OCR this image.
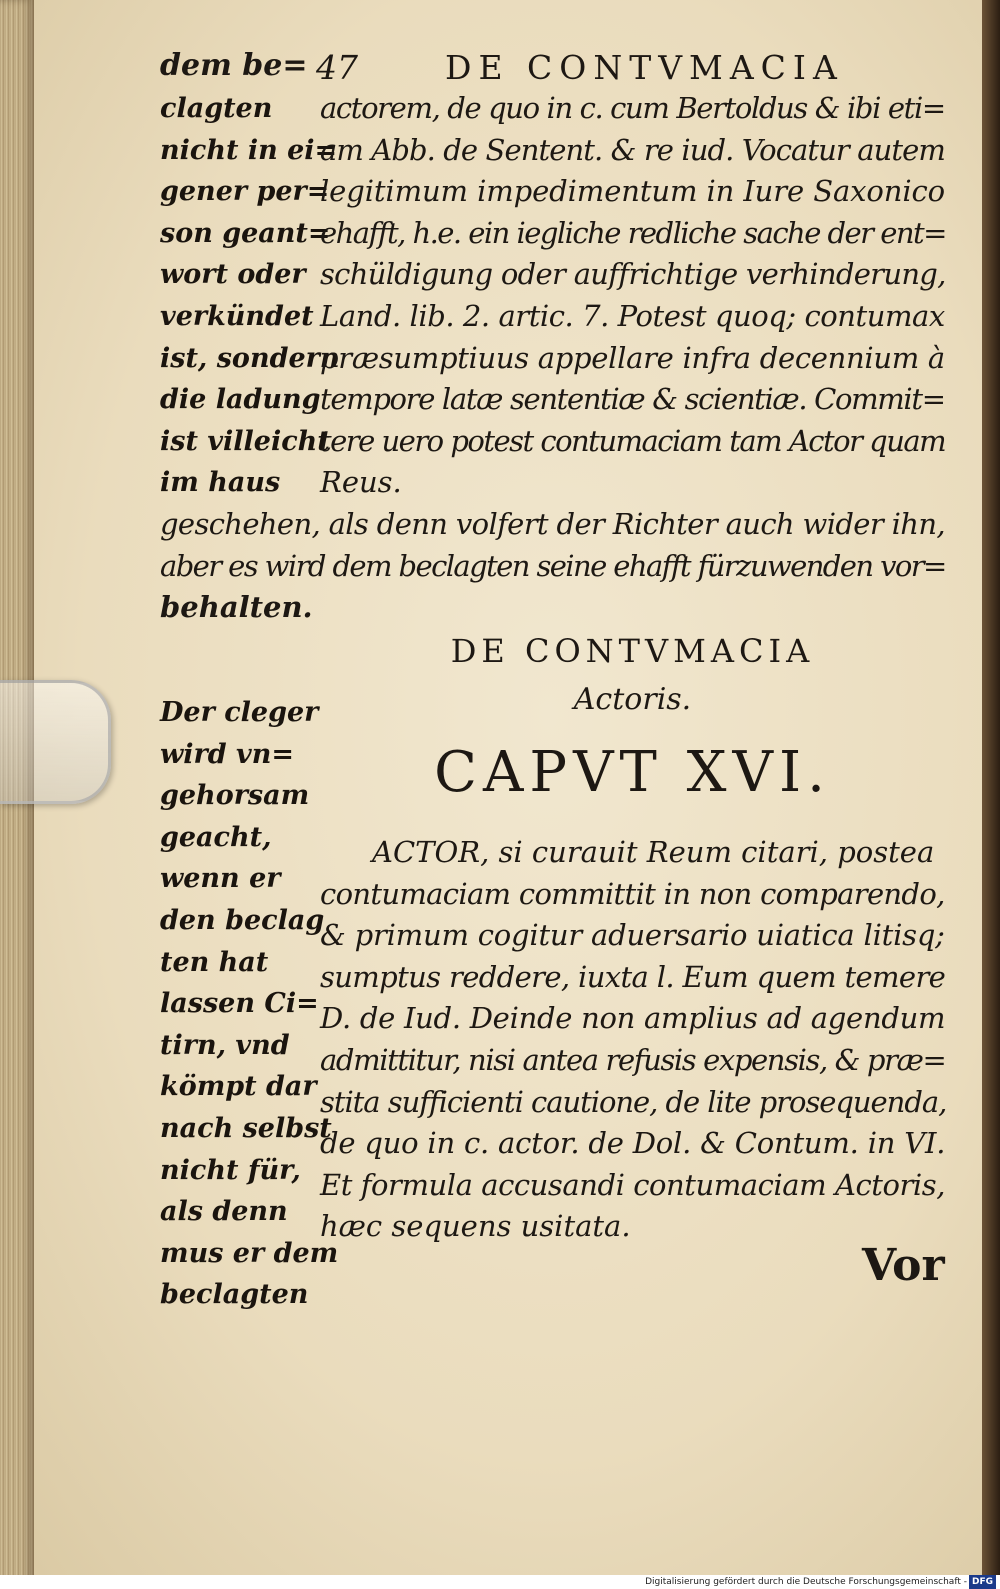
dem be= 47	DE CONTVMACIA
clagten
nicht in ei=
gener per=
son geant=
wort oder
verkündet
ist, sondern
die ladung
ist villeicht
im haus
actorem, de quo in c. cum Bertoldus & ibi eti=
am Abb. de Sentent. & re iud. Vocatur autem
legitimum impedimentum in Iure Saxonico
ehafft, h.e. ein iegliche redliche sache der ent=
schüldigung oder auffrichtige verhinderung,
Land. lib. 2. artic. 7. Potest quoq; contumax
præsumptiuus appellare infra decennium à
tempore latæ sententiæ & scientiæ. Commit=
tere uero potest contumaciam tam Actor quam
Reus.
geschehen, als denn volfert der Richter auch wider ihn,
aber es wird dem beclagten seine ehafft fürzuwenden vor=
behalten.
DE CONTVMACIA
Actoris.
CAPVT XVI.
Der cleger
wird vn=
gehorsam
geacht,
wenn er
den beclag
ten hat
lassen Ci=
tirn, vnd
kömpt dar
nach selbst
nicht für,
als denn
mus er dem
beclagten
ACTOR, si curauit Reum citari, postea
contumaciam committit in non comparendo,
& primum cogitur aduersario uiatica litisq;
sumptus reddere, iuxta l. Eum quem temere
D. de Iud. Deinde non amplius ad agendum
admittitur, nisi antea refusis expensis, & præ=
stita sufficienti cautione, de lite prosequenda,
de quo in c. actor. de Dol. & Contum. in VI.
Et formula accusandi contumaciam Actoris,
hæc sequens usitata.
Vor
Digitalisierung gefördert durch die Deutsche Forschungsgemeinschaft - DFG
